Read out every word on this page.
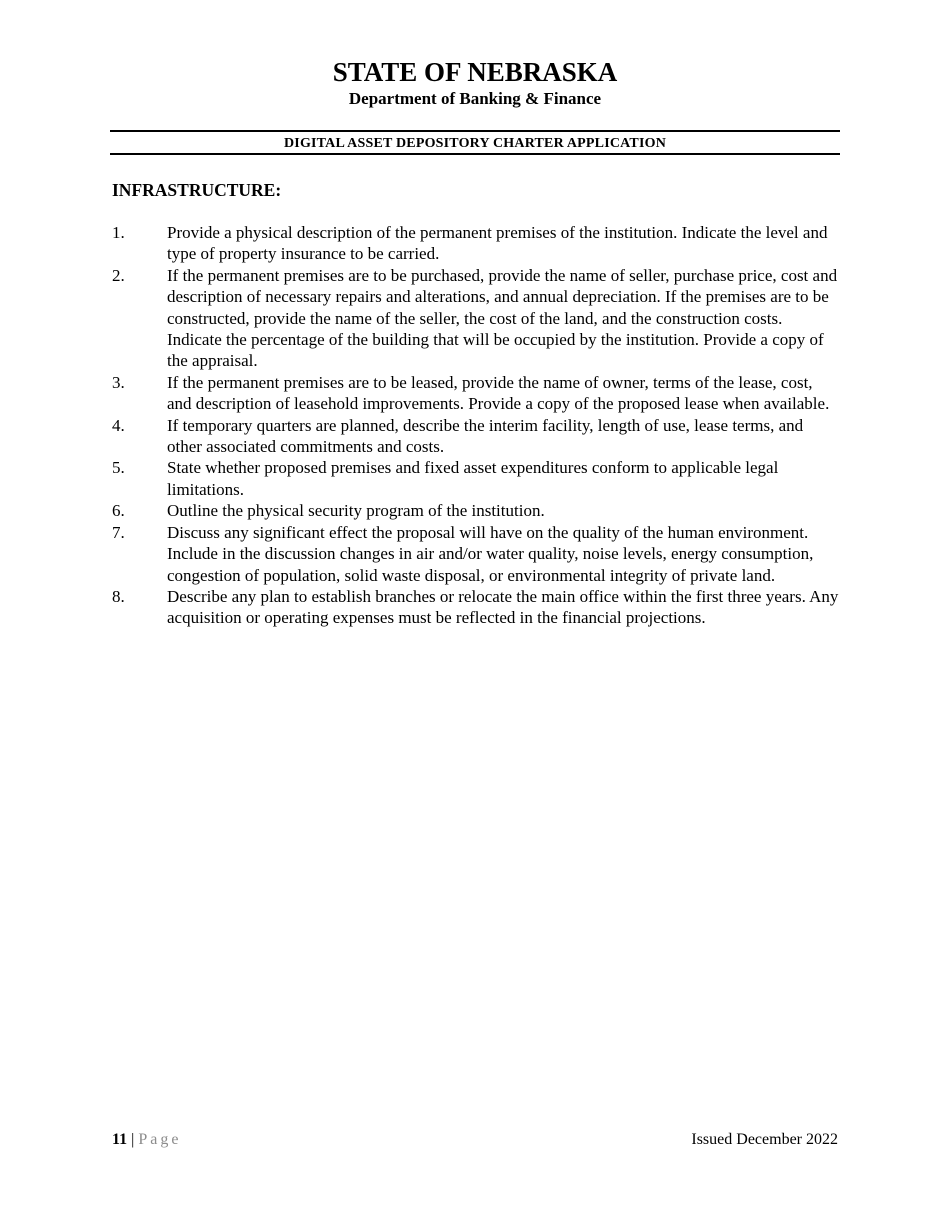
STATE OF NEBRASKA
Department of Banking & Finance
DIGITAL ASSET DEPOSITORY CHARTER APPLICATION
INFRASTRUCTURE:
1. Provide a physical description of the permanent premises of the institution. Indicate the level and type of property insurance to be carried.
2. If the permanent premises are to be purchased, provide the name of seller, purchase price, cost and description of necessary repairs and alterations, and annual depreciation. If the premises are to be constructed, provide the name of the seller, the cost of the land, and the construction costs. Indicate the percentage of the building that will be occupied by the institution. Provide a copy of the appraisal.
3. If the permanent premises are to be leased, provide the name of owner, terms of the lease, cost, and description of leasehold improvements. Provide a copy of the proposed lease when available.
4. If temporary quarters are planned, describe the interim facility, length of use, lease terms, and other associated commitments and costs.
5. State whether proposed premises and fixed asset expenditures conform to applicable legal limitations.
6. Outline the physical security program of the institution.
7. Discuss any significant effect the proposal will have on the quality of the human environment. Include in the discussion changes in air and/or water quality, noise levels, energy consumption, congestion of population, solid waste disposal, or environmental integrity of private land.
8. Describe any plan to establish branches or relocate the main office within the first three years. Any acquisition or operating expenses must be reflected in the financial projections.
11 | Page	Issued December 2022
